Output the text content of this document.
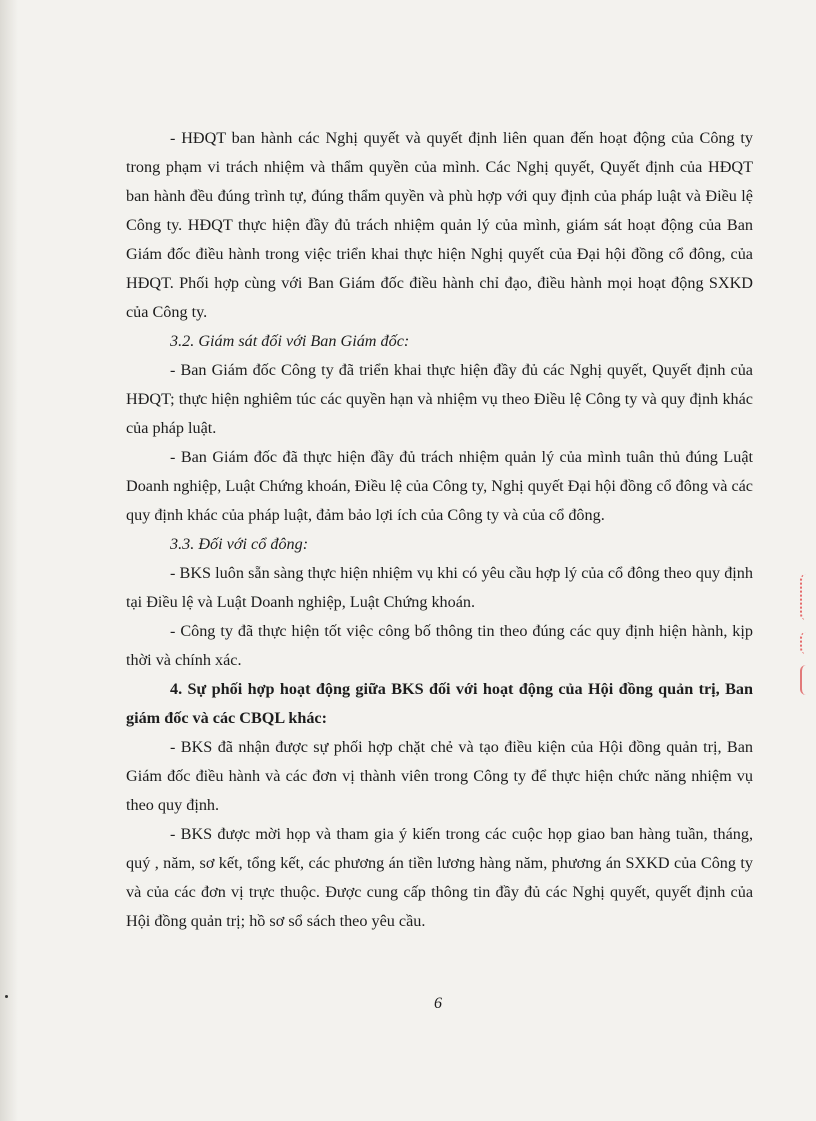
- HĐQT ban hành các Nghị quyết và quyết định liên quan đến hoạt động của Công ty trong phạm vi trách nhiệm và thẩm quyền của mình. Các Nghị quyết, Quyết định của HĐQT ban hành đều đúng trình tự, đúng thẩm quyền và phù hợp với quy định của pháp luật và Điều lệ Công ty. HĐQT thực hiện đầy đủ trách nhiệm quản lý của mình, giám sát hoạt động của Ban Giám đốc điều hành trong việc triển khai thực hiện Nghị quyết của Đại hội đồng cổ đông, của HĐQT. Phối hợp cùng với Ban Giám đốc điều hành chỉ đạo, điều hành mọi hoạt động SXKD của Công ty.

3.2. Giám sát đối với Ban Giám đốc:

- Ban Giám đốc Công ty đã triển khai thực hiện đầy đủ các Nghị quyết, Quyết định của HĐQT; thực hiện nghiêm túc các quyền hạn và nhiệm vụ theo Điều lệ Công ty và quy định khác của pháp luật.

- Ban Giám đốc đã thực hiện đầy đủ trách nhiệm quản lý của mình tuân thủ đúng Luật Doanh nghiệp, Luật Chứng khoán, Điều lệ của Công ty, Nghị quyết Đại hội đồng cổ đông và các quy định khác của pháp luật, đảm bảo lợi ích của Công ty và của cổ đông.

3.3. Đối với cổ đông:

- BKS luôn sẵn sàng thực hiện nhiệm vụ khi có yêu cầu hợp lý của cổ đông theo quy định tại Điều lệ và Luật Doanh nghiệp, Luật Chứng khoán.

- Công ty đã thực hiện tốt việc công bố thông tin theo đúng các quy định hiện hành, kịp thời và chính xác.

4. Sự phối hợp hoạt động giữa BKS đối với hoạt động của Hội đồng quản trị, Ban giám đốc và các CBQL khác:

- BKS đã nhận được sự phối hợp chặt chẻ và tạo điều kiện của Hội đồng quản trị, Ban Giám đốc điều hành và các đơn vị thành viên trong Công ty để thực hiện chức năng nhiệm vụ theo quy định.

- BKS được mời họp và tham gia ý kiến trong các cuộc họp giao ban hàng tuần, tháng, quý , năm, sơ kết, tổng kết, các phương án tiền lương hàng năm, phương án SXKD của Công ty và của các đơn vị trực thuộc. Được cung cấp thông tin đầy đủ các Nghị quyết, quyết định của Hội đồng quản trị; hồ sơ sổ sách theo yêu cầu.

6
